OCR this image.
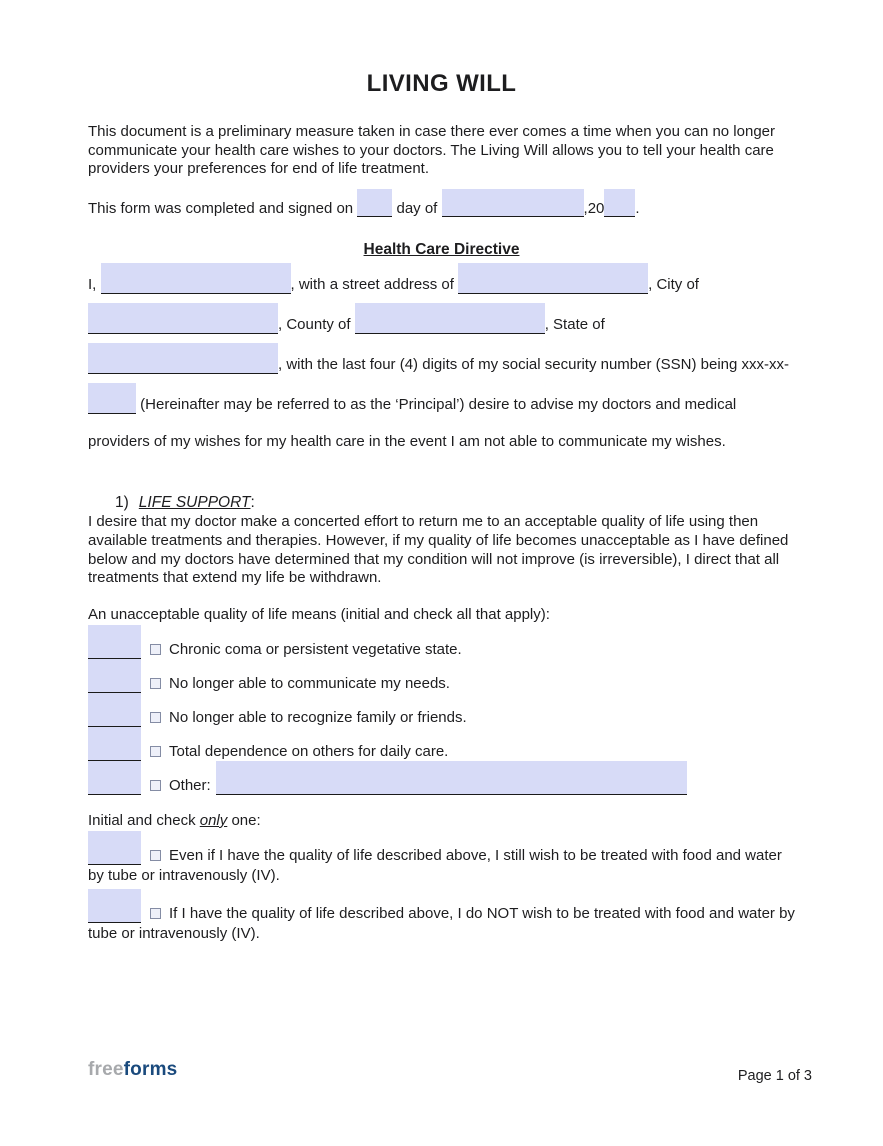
LIVING WILL

This document is a preliminary measure taken in case there ever comes a time when you can no longer communicate your health care wishes to your doctors. The Living Will allows you to tell your health care providers your preferences for end of life treatment.

This form was completed and signed on	day of	,20 .

Health Care Directive

I,	, with a street address of	, City of , County of	, State of , with the last four (4) digits of my social security number (SSN) being xxx-xx- (Hereinafter may be referred to as the ‘Principal’) desire to advise my doctors and medical providers of my wishes for my health care in the event I am not able to communicate my wishes.

1) LIFE SUPPORT:

I desire that my doctor make a concerted effort to return me to an acceptable quality of life using then available treatments and therapies. However, if my quality of life becomes unacceptable as I have defined below and my doctors have determined that my condition will not improve (is irreversible), I direct that all treatments that extend my life be withdrawn.

An unacceptable quality of life means (initial and check all that apply):

Chronic coma or persistent vegetative state.
No longer able to communicate my needs.
No longer able to recognize family or friends.
Total dependence on others for daily care.
Other:

Initial and check only one:

Even if I have the quality of life described above, I still wish to be treated with food and water by tube or intravenously (IV).

If I have the quality of life described above, I do NOT wish to be treated with food and water by tube or intravenously (IV).

freeforms	Page 1 of 3
